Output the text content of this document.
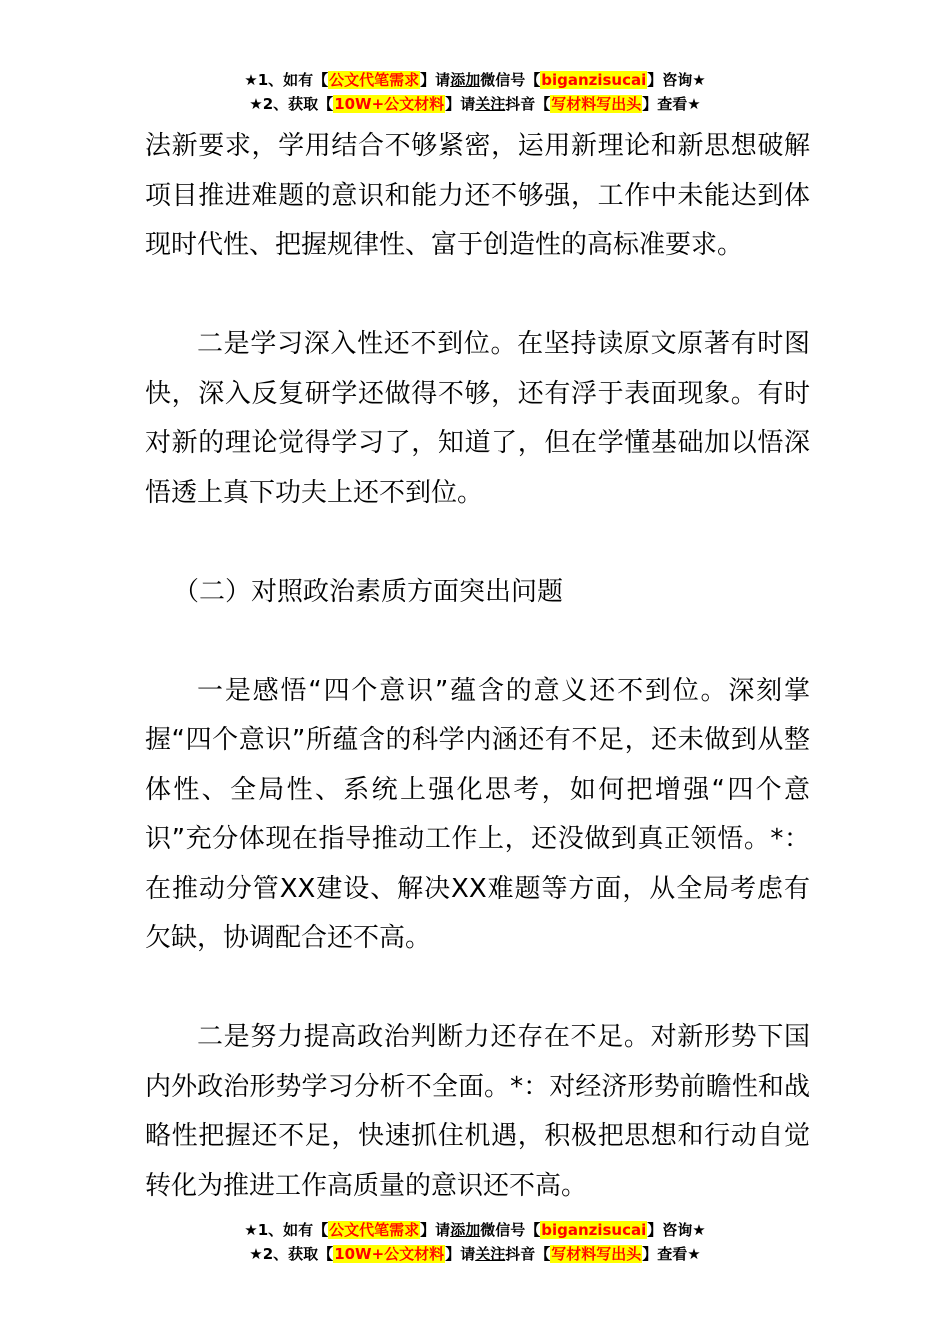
★1、如有【公文代笔需求】请添加微信号【biganzisucai】咨询★
★2、获取【10W+公文材料】请关注抖音【写材料写出头】查看★

法新要求，学用结合不够紧密，运用新理论和新思想破解项目推进难题的意识和能力还不够强，工作中未能达到体现时代性、把握规律性、富于创造性的高标准要求。

二是学习深入性还不到位。在坚持读原文原著有时图快，深入反复研学还做得不够，还有浮于表面现象。有时对新的理论觉得学习了，知道了，但在学懂基础加以悟深悟透上真下功夫上还不到位。

（二）对照政治素质方面突出问题

一是感悟“四个意识”蕴含的意义还不到位。深刻掌握“四个意识”所蕴含的科学内涵还有不足，还未做到从整体性、全局性、系统上强化思考，如何把增强“四个意识”充分体现在指导推动工作上，还没做到真正领悟。*：在推动分管XX建设、解决XX难题等方面，从全局考虑有欠缺，协调配合还不高。

二是努力提高政治判断力还存在不足。对新形势下国内外政治形势学习分析不全面。*：对经济形势前瞻性和战略性把握还不足，快速抓住机遇，积极把思想和行动自觉转化为推进工作高质量的意识还不高。

★1、如有【公文代笔需求】请添加微信号【biganzisucai】咨询★
★2、获取【10W+公文材料】请关注抖音【写材料写出头】查看★
